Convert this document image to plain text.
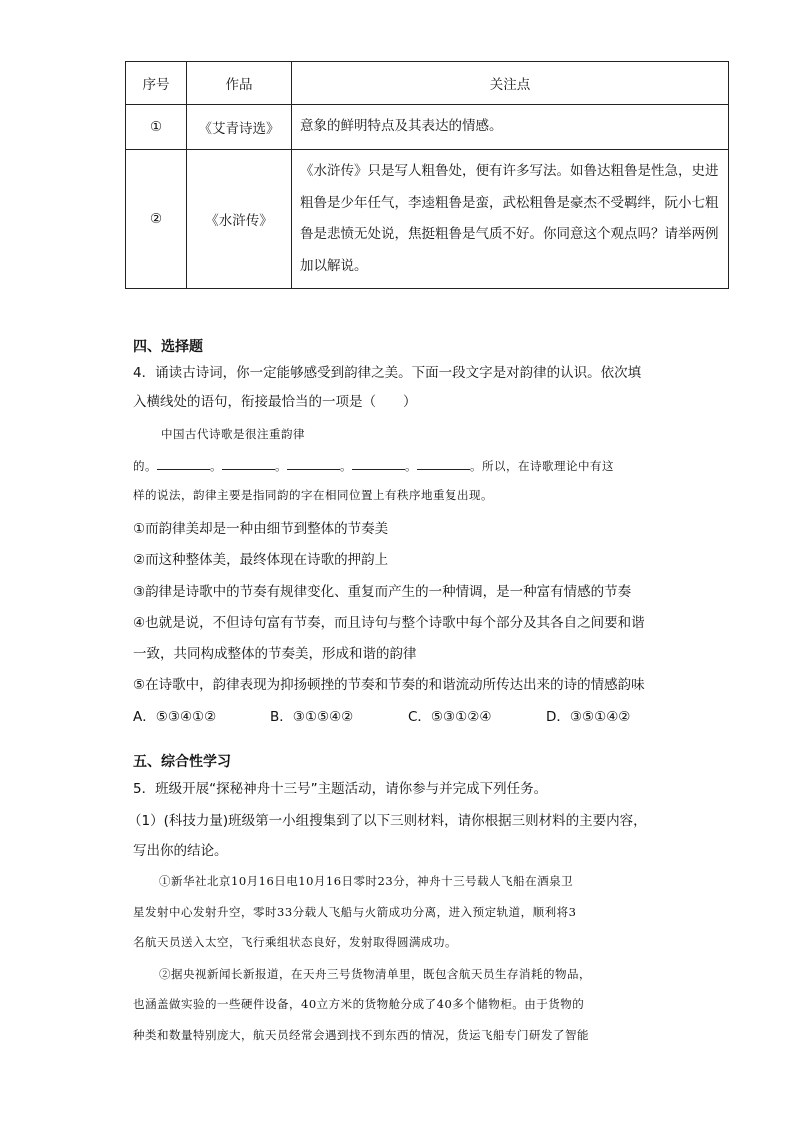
序号	作品	关注点
①	《艾青诗选》	意象的鲜明特点及其表达的情感。
②	《水浒传》	《水浒传》只是写人粗鲁处，便有许多写法。如鲁达粗鲁是性急，史进粗鲁是少年任气，李逵粗鲁是蛮，武松粗鲁是豪杰不受羁绊，阮小七粗鲁是悲愤无处说，焦挺粗鲁是气质不好。你同意这个观点吗？请举两例加以解说。
四、选择题
4．诵读古诗词，你一定能够感受到韵律之美。下面一段文字是对韵律的认识。依次填
入横线处的语句，衔接最恰当的一项是（　　）
中国古代诗歌是很注重韵律
的。	。	。	。	。	。所以，在诗歌理论中有这
样的说法，韵律主要是指同韵的字在相同位置上有秩序地重复出现。
①而韵律美却是一种由细节到整体的节奏美
②而这种整体美，最终体现在诗歌的押韵上
③韵律是诗歌中的节奏有规律变化、重复而产生的一种情调，是一种富有情感的节奏
④也就是说，不但诗句富有节奏，而且诗句与整个诗歌中每个部分及其各自之间要和谐
一致，共同构成整体的节奏美，形成和谐的韵律
⑤在诗歌中，韵律表现为抑扬顿挫的节奏和节奏的和谐流动所传达出来的诗的情感韵味
A．⑤③④①②	B．③①⑤④②	C．⑤③①②④	D．③⑤①④②
五、综合性学习
5．班级开展“探秘神舟十三号”主题活动，请你参与并完成下列任务。
（1）(科技力量)班级第一小组搜集到了以下三则材料，请你根据三则材料的主要内容，
写出你的结论。
①新华社北京10月16日电10月16日零时23分，神舟十三号载人飞船在酒泉卫
星发射中心发射升空，零时33分载人飞船与火箭成功分离，进入预定轨道，顺利将3
名航天员送入太空，飞行乘组状态良好，发射取得圆满成功。
②据央视新闻长新报道，在天舟三号货物清单里，既包含航天员生存消耗的物品，
也涵盖做实验的一些硬件设备，40立方米的货物舱分成了40多个储物柜。由于货物的
种类和数量特别庞大，航天员经常会遇到找不到东西的情况，货运飞船专门研发了智能
